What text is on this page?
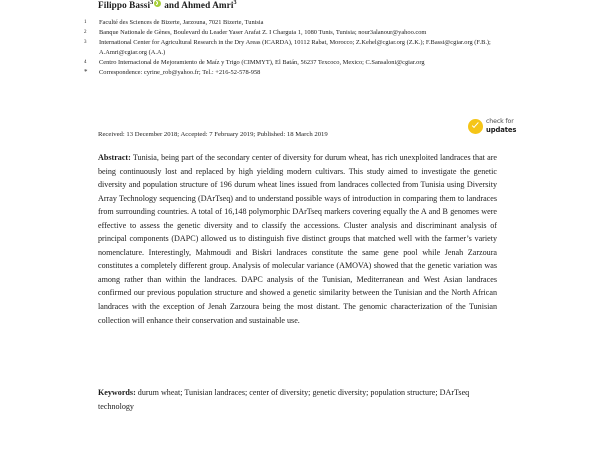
Filippo Bassi$^3$ and Ahmed Amri$^3$
1	Faculté des Sciences de Bizerte, Jarzouna, 7021 Bizerte, Tunisia
2	Banque Nationale de Gènes, Boulevard du Leader Yaser Arafat Z. I Charguia 1, 1080 Tunis, Tunisia; nour3alanour@yahoo.com
3	International Center for Agricultural Research in the Dry Areas (ICARDA), 10112 Rabat, Morocco; Z.Kehel@cgiar.org (Z.K.); F.Bassi@cgiar.org (F.B.); A.Amri@cgiar.org (A.A.)
4	Centro Internacional de Mejoramiento de Maíz y Trigo (CIMMYT), El Batán, 56237 Texcoco, Mexico; C.Sansaloni@cgiar.org
*	Correspondence: cyrine_rob@yahoo.fr; Tel.: +216-52-578-958
Received: 13 December 2018; Accepted: 7 February 2019; Published: 18 March 2019
check for
updates
Abstract: Tunisia, being part of the secondary center of diversity for durum wheat, has rich unexploited landraces that are being continuously lost and replaced by high yielding modern cultivars. This study aimed to investigate the genetic diversity and population structure of 196 durum wheat lines issued from landraces collected from Tunisia using Diversity Array Technology sequencing (DArTseq) and to understand possible ways of introduction in comparing them to landraces from surrounding countries. A total of 16,148 polymorphic DArTseq markers covering equally the A and B genomes were effective to assess the genetic diversity and to classify the accessions. Cluster analysis and discriminant analysis of principal components (DAPC) allowed us to distinguish five distinct groups that matched well with the farmer’s variety nomenclature. Interestingly, Mahmoudi and Biskri landraces constitute the same gene pool while Jenah Zarzoura constitutes a completely different group. Analysis of molecular variance (AMOVA) showed that the genetic variation was among rather than within the landraces. DAPC analysis of the Tunisian, Mediterranean and West Asian landraces confirmed our previous population structure and showed a genetic similarity between the Tunisian and the North African landraces with the exception of Jenah Zarzoura being the most distant. The genomic characterization of the Tunisian collection will enhance their conservation and sustainable use.
Keywords: durum wheat; Tunisian landraces; center of diversity; genetic diversity; population structure; DArTseq technology
